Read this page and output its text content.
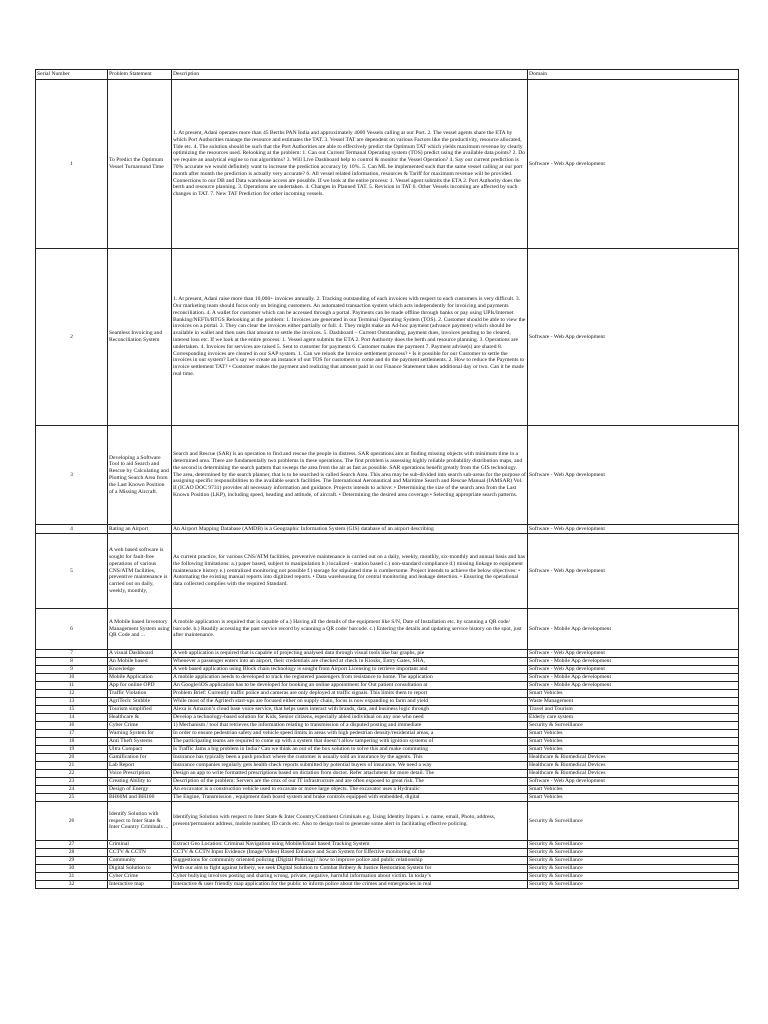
Serial Number	Problem Statement	Description	Domain

1	To Predict the Optimum Vessel Turnaround Time	1. At present, Adani operates more than 45 Berths PAN India and approximately 4000 Vessels calling at our Port. 2. The vessel agents share the ETA by which Port Authorities manage the resource and estimates the TAT. 3. Vessel TAT are dependent on various Factors like the productivity, resource allocated, Tide etc. 4. The solution should be such that the Port Authorities are able to effectively predict the Optimum TAT which yields maximum revenue by clearly optimizing the resources used. Relooking at the problem: 1. Can out Current Termanal Operating system (TOS) predict using the available data points? 2. Do we require an analytical engine to run algorithms? 3. Will Live Dashboard help to control & monitor the Vessel Operation? 4. Say our current prediction is 70% accurate we would definitely want to increase the prediction accuracy by 10%. 5. Can ML be implemented such that the same vessel calling at our port month after month the prediction is actually very accurate? 6. All vessel related information, resources & Tariff for maximum revenue will be provided. Connections to our DB and Data warehouse access are possible. If we look at the entire process: 1. Vessel agent submits the ETA 2. Port Authority does the berth and resource planning. 3. Operations are undertaken. 4. Changes in Planned TAT. 5. Revision in TAT 6. Other Vessels incoming are affected by such changes in TAT. 7. New TAT Prediction for other incoming vessels.	Software - Web App development

2	Seamless Invoicing and Reconciliation System	1. At present, Adani raise more than 10,000+ invoices annually. 2. Tracking outstanding of each invoices with respect to each customers is very difficult. 3. Our marketing team should focus only on bringing customers. An automated transaction system which acts independently for invoicing and payments reconciliation. 4. A wallet for customer which can be accessed through a portal. Payments can be made offline through banks or pay using UPIs/Internet Banking/NEFTs/RTGS Relooking at the problem: 1. Invoices are generated in our Terminal Operating System (TOS). 2. Customer should be able to view the invoices on a portal. 3. They can clear the invoices either partially or full. 4. They might make an Ad-hoc payment (advance payment) which should be available in wallet and then uses that amount to settle the invoices. 5. Dashboard – Current Outstanding, payment dues, invoices pending to be cleared, interest loss etc. If we look at the entire process: 1. Vessel agent submits the ETA 2. Port Authority does the berth and resource planning. 3. Operations are undertaken. 4. Invoices for services are raised 5. Sent to customer for payments 6. Customer makes the payment 7. Payment advise(s) are shared 8. Corresponding invoices are cleared in our SAP system. 1. Can we relook the Invoice settlement process? • Is it possible for our Customer to settle the invoices in our system? Let’s say we create an instance of out TOS for customers to come and do the payment settlements. 2. How to reduce the Payments to invoice settlement TAT? • Customer makes the payment and realizing that amount paid in our Finance Statement takes additional day or two. Can it be made real time.	Software - Web App development

3	Developing a Software Tool to aid Search and Rescue by Calculating and Plotting Search Area from the Last Known Position of a Missing Aircraft.	Search and Rescue (SAR) is an operation to find and rescue the people in distress. SAR operations aim at finding missing objects with minimum time in a determined area. There are fundamentally two problems in these operations. The first problem is assessing highly reliable probability distribution maps, and the second is determining the search pattern that sweeps the area from the air as fast as possible. SAR operations benefit greatly from the GIS technology. The area, determined by the search planner, that is to be searched is called Search Area. This area may be sub-divided into search sub-areas for the purpose of assigning specific responsibilities to the available search facilities. The International Aeronautical and Maritime Search and Rescue Manual (IAMSAR) Vol. II (ICAO DOC 9731) provides all necessary information and guidance. Projects intends to achive: • Determining the size of the search area from the Last Known Position (LKP), including speed, heading and attitude, of aircraft. • Determining the desired area coverage • Selecting appropriate search patterns.	Software - Web App development

4	Rating an Airport	An Airport Mapping Database (AMDB) is a Geographic Information System (GIS) database of an airport describing	Software - Web App development

5	A web based software is sought for fault-free operations of various CNS/ATM facilities, preventive maintenance is carried out on daily, weekly, monthly,	As current practice, for various CNS/ATM facilities, preventive maintenance is carried out on a daily, weekly, monthly, six-monthly and annual basis and has the following limitations: a.) paper based, subject to manipulation b.) localized - station based c.) non-standard compliance d.) missing linkage to equipment maintenance history e.) centralized monitoring not possible f.) storage for stipulated time is cumbersome. Project intends to achieve the below objectives: • Automating the existing manual reports into digitized reports. • Data warehousing for central monitoring and leakage detection. • Ensuring the operational data collected complies with the required Standard.	Software - Web App development

6	A Mobile based Inventory Management System using QR Code and ...	A mobile application is required that is capable of a.) Having all the details of the equipment like S/N, Date of Installation etc. by scanning a QR code/ barcode. b.) Readily accessing the past service record by scanning a QR code/ barcode. c.) Entering the details and updating service history on the spot, just after maintenance.	Software - Mobile App development

7	A visual Dashboard	A web application is required that is capable of projecting analysed data through visual tools like bar graphs, pie	Software - Web App development

8	An Mobile based	Whenever a passenger enters into an airport, their credentials are checked at check in Kiosks, Entry Gates, SHA,	Software - Mobile App development

9	Knowledge	A web based application using Block chain technology is sought from Airport Licensing to retrieve important and	Software - Web App development

10	Mobile Application	A mobile application needs to developed to track the registered passengers from resistance to home. The application	Software - Mobile App development

11	App for online OPD	An Google/iOS application has to be developed for booking an online appointment for Out patient consultation at	Software - Mobile App development

12	Traffic Violation	Problem Brief: Currently traffic police and cameras are only deployed at traffic signals. This limits them to report	Smart Vehicles

13	AgriTech: Stubble	While most of the Agritech start-ups are focused either on supply chain, focus is now expanding to farm and yield	Waste Management

15	Tourism simplified	Alexa is Amazon’s cloud base voice service, that helps users interact with brands, data, and business logic through	Travel and Tourism

14	Healthcare &	Develop a technology-based solution for Kids, Senior citizens, especially abled individual on any one who need	Elderly care system

16	Cyber Crime	1) Mechanism / tool that retrieves the information relating to transmission of a disputed posting and immediate	Security & Surveillance

17	Warning System for	In order to ensure pedestrian safety and vehicle speed limits in areas with high pedestrian density/residential areas, a	Smart Vehicles

18	Anti Theft Systems	The participating teams are required to come up with a system that doesn’t allow tampering with ignition systems of	Smart Vehicles

19	Ultra Compact	Is Traffic Jams a big problem in India? Can we think an out of the box solution to solve this and make commuting	Smart Vehicles

20	Gamification for	Insurance has typically been a push product where the customer is usually sold an insurance by the agents. This	Healthcare & Biomedical Devices

21	Lab Report	Insurance companies regularly gets health check reports submitted by potential buyers of insurance. We need a way	Healthcare & Biomedical Devices

22	Voice Prescription	Design an app to write formatted prescriptions based on dictation from doctor. Refer attachment for more detail. The	Healthcare & Biomedical Devices

23	Creating Ability to	Description of the problem: Servers are the crux of our IT infrastructure and are often exposed to great risk. The	Software - Web App development

24	Design of Energy	An excavator is a construction vehicle used to excavate or move large objects. The excavator uses a Hydraulic	Smart Vehicles

25	BH60M and BH100	The Engine, Transmission , equipment dash board system and brake controls equipped with embedded, digital	Smart Vehicles

26	Identify Solution with respect to Inter State & Inter Country Criminals ...	Identifying Solution with respect to Inter State & Inter Country/Continent Criminals e.g. Using Identity Inputs i. e. name, email, Photo, address, present/permanent address, mobile number, ID cards etc. Also to design tool to generate some alert in facilitating effective policing.	Security & Surveillance

27	Criminal	Extract Geo Location: Criminal Navigation using Mobile/Email based Tracking System	Security & Surveillance

28	CCTV & CCTN	CCTV & CCTN Input Evidence (Image/Video) Based Enhance and Scan System for Effective monitoring of the	Security & Surveillance

29	Community	Suggestions for community oriented policing (Digital Policing) / how to improve police and public relationship	Security & Surveillance

30	Digital Solution to	With our aim to fight against bribery, we seek Digital Solution to Combat Bribery & Justice Restoration System for	Security & Surveillance

31	Cyber Crime	Cyber bullying involves posting and sharing wrong, private, negative, harmful information about victim. In today’s	Security & Surveillance

32	Interactive map	Interactive & user friendly map application for the public to inform police about the crimes and emergencies in real	Security & Surveillance
